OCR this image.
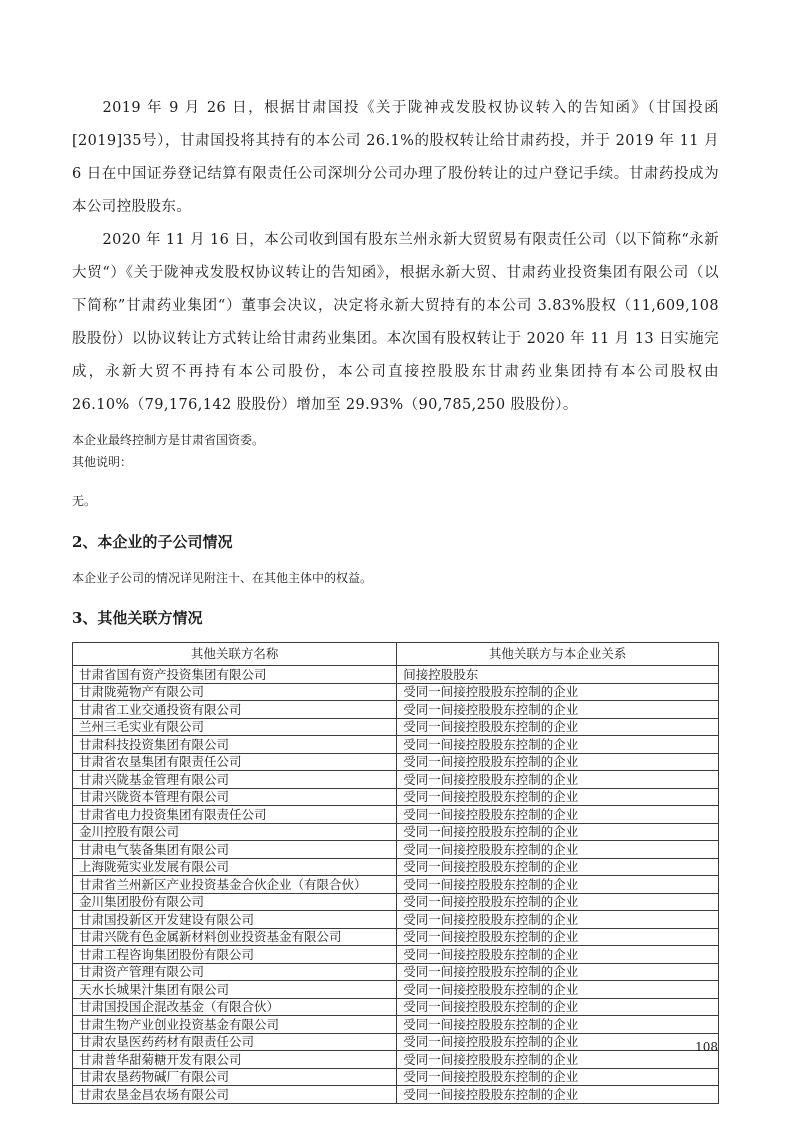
2019 年 9 月 26 日，根据甘肃国投《关于陇神戎发股权协议转入的告知函》（甘国投函[2019]35号），甘肃国投将其持有的本公司 26.1%的股权转让给甘肃药投，并于 2019 年 11 月 6 日在中国证券登记结算有限责任公司深圳分公司办理了股份转让的过户登记手续。甘肃药投成为本公司控股股东。

2020 年 11 月 16 日，本公司收到国有股东兰州永新大贸贸易有限责任公司（以下简称“永新大贸“）《关于陇神戎发股权协议转让的告知函》，根据永新大贸、甘肃药业投资集团有限公司（以下简称”甘肃药业集团“）董事会决议，决定将永新大贸持有的本公司 3.83%股权（11,609,108 股股份）以协议转让方式转让给甘肃药业集团。本次国有股权转让于 2020 年 11 月 13 日实施完成，永新大贸不再持有本公司股份，本公司直接控股股东甘肃药业集团持有本公司股权由 26.10%（79,176,142 股股份）增加至 29.93%（90,785,250 股股份）。

本企业最终控制方是甘肃省国资委。

其他说明：

无。

2、本企业的子公司情况

本企业子公司的情况详见附注十、在其他主体中的权益。

3、其他关联方情况
其他关联方名称	其他关联方与本企业关系
甘肃省国有资产投资集团有限公司	间接控股股东
甘肃陇菀物产有限公司	受同一间接控股股东控制的企业
甘肃省工业交通投资有限公司	受同一间接控股股东控制的企业
兰州三毛实业有限公司	受同一间接控股股东控制的企业
甘肃科技投资集团有限公司	受同一间接控股股东控制的企业
甘肃省农垦集团有限责任公司	受同一间接控股股东控制的企业
甘肃兴陇基金管理有限公司	受同一间接控股股东控制的企业
甘肃兴陇资本管理有限公司	受同一间接控股股东控制的企业
甘肃省电力投资集团有限责任公司	受同一间接控股股东控制的企业
金川控股有限公司	受同一间接控股股东控制的企业
甘肃电气装备集团有限公司	受同一间接控股股东控制的企业
上海陇菀实业发展有限公司	受同一间接控股股东控制的企业
甘肃省兰州新区产业投资基金合伙企业（有限合伙）	受同一间接控股股东控制的企业
金川集团股份有限公司	受同一间接控股股东控制的企业
甘肃国投新区开发建设有限公司	受同一间接控股股东控制的企业
甘肃兴陇有色金属新材料创业投资基金有限公司	受同一间接控股股东控制的企业
甘肃工程咨询集团股份有限公司	受同一间接控股股东控制的企业
甘肃资产管理有限公司	受同一间接控股股东控制的企业
天水长城果汁集团有限公司	受同一间接控股股东控制的企业
甘肃国投国企混改基金（有限合伙）	受同一间接控股股东控制的企业
甘肃生物产业创业投资基金有限公司	受同一间接控股股东控制的企业
甘肃农垦医药药材有限责任公司	受同一间接控股股东控制的企业
甘肃普华甜菊糖开发有限公司	受同一间接控股股东控制的企业
甘肃农垦药物碱厂有限公司	受同一间接控股股东控制的企业
甘肃农垦金昌农场有限公司	受同一间接控股股东控制的企业
108
